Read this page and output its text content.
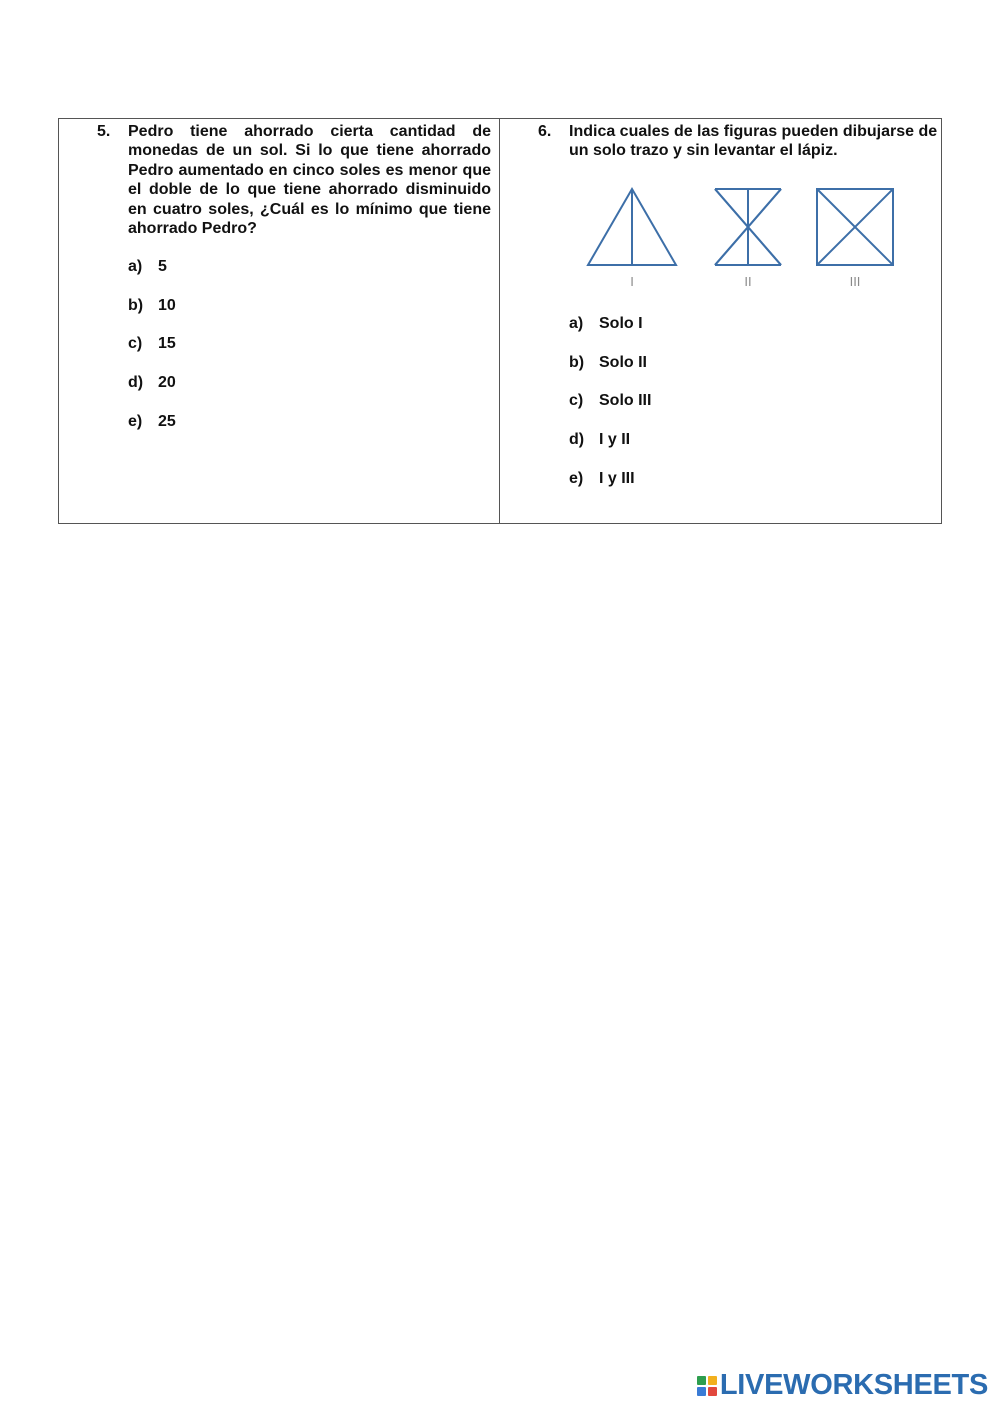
5. Pedro tiene ahorrado cierta cantidad de monedas de un sol. Si lo que tiene ahorrado Pedro aumentado en cinco soles es menor que el doble de lo que tiene ahorrado disminuido en cuatro soles, ¿Cuál es lo mínimo que tiene ahorrado Pedro?

a) 5
b) 10
c) 15
d) 20
e) 25
6. Indica cuales de las figuras pueden dibujarse de un solo trazo y sin levantar el lápiz.

I	II	III
a) Solo I
b) Solo II
c) Solo III
d) I y II
e) I y III
LIVEWORKSHEETS
